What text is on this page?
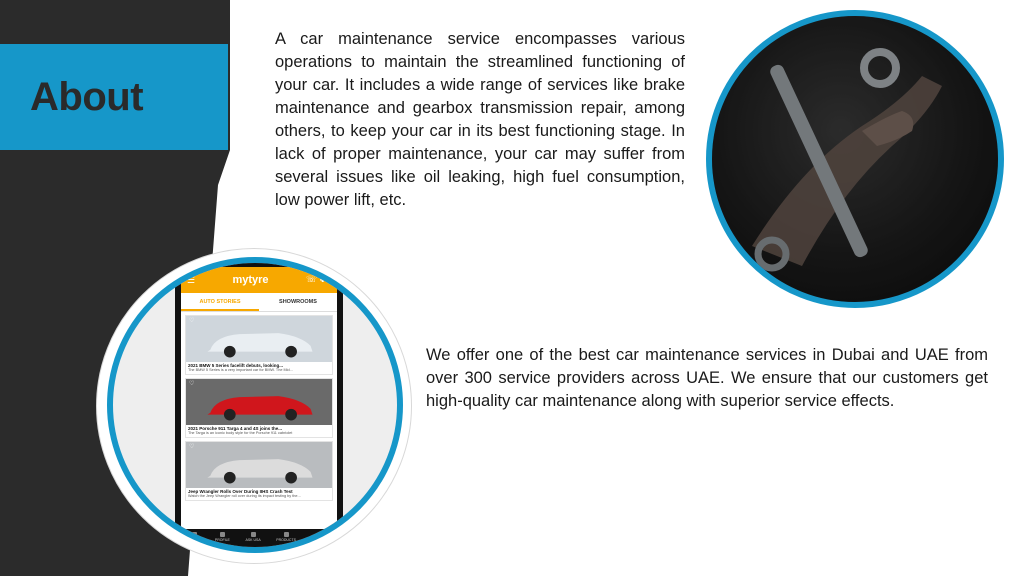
About

A car maintenance service encompasses various operations to maintain the streamlined functioning of your car. It includes a wide range of services like brake maintenance and gearbox transmission repair, among others, to keep your car in its best functioning stage. In lack of proper maintenance, your car may suffer from several issues like oil leaking, high fuel consumption, low power lift, etc.

☰	mytyre	☏ ⛟
AUTO STORIES	SHOWROOMS
♡
2021 BMW 5 Series facelift debuts, looking...
The BMW 5 Series is a very important car for BMW. The Mid...
♡
2021 Porsche 911 Targa 4 and 4S joins the...
The Targa is an iconic body style for the Porsche 911 cabriolet
♡
Jeep Wrangler Rolls Over During IIHS Crash Test
Watch the Jeep Wrangler roll over during its impact testing by the...
HOME	PROFILE	ASK USA	PRODUCTS	SERVICES

We offer one of the best car maintenance services in Dubai and UAE from over 300 service providers across UAE. We ensure that our customers get high-quality car maintenance along with superior service effects.
